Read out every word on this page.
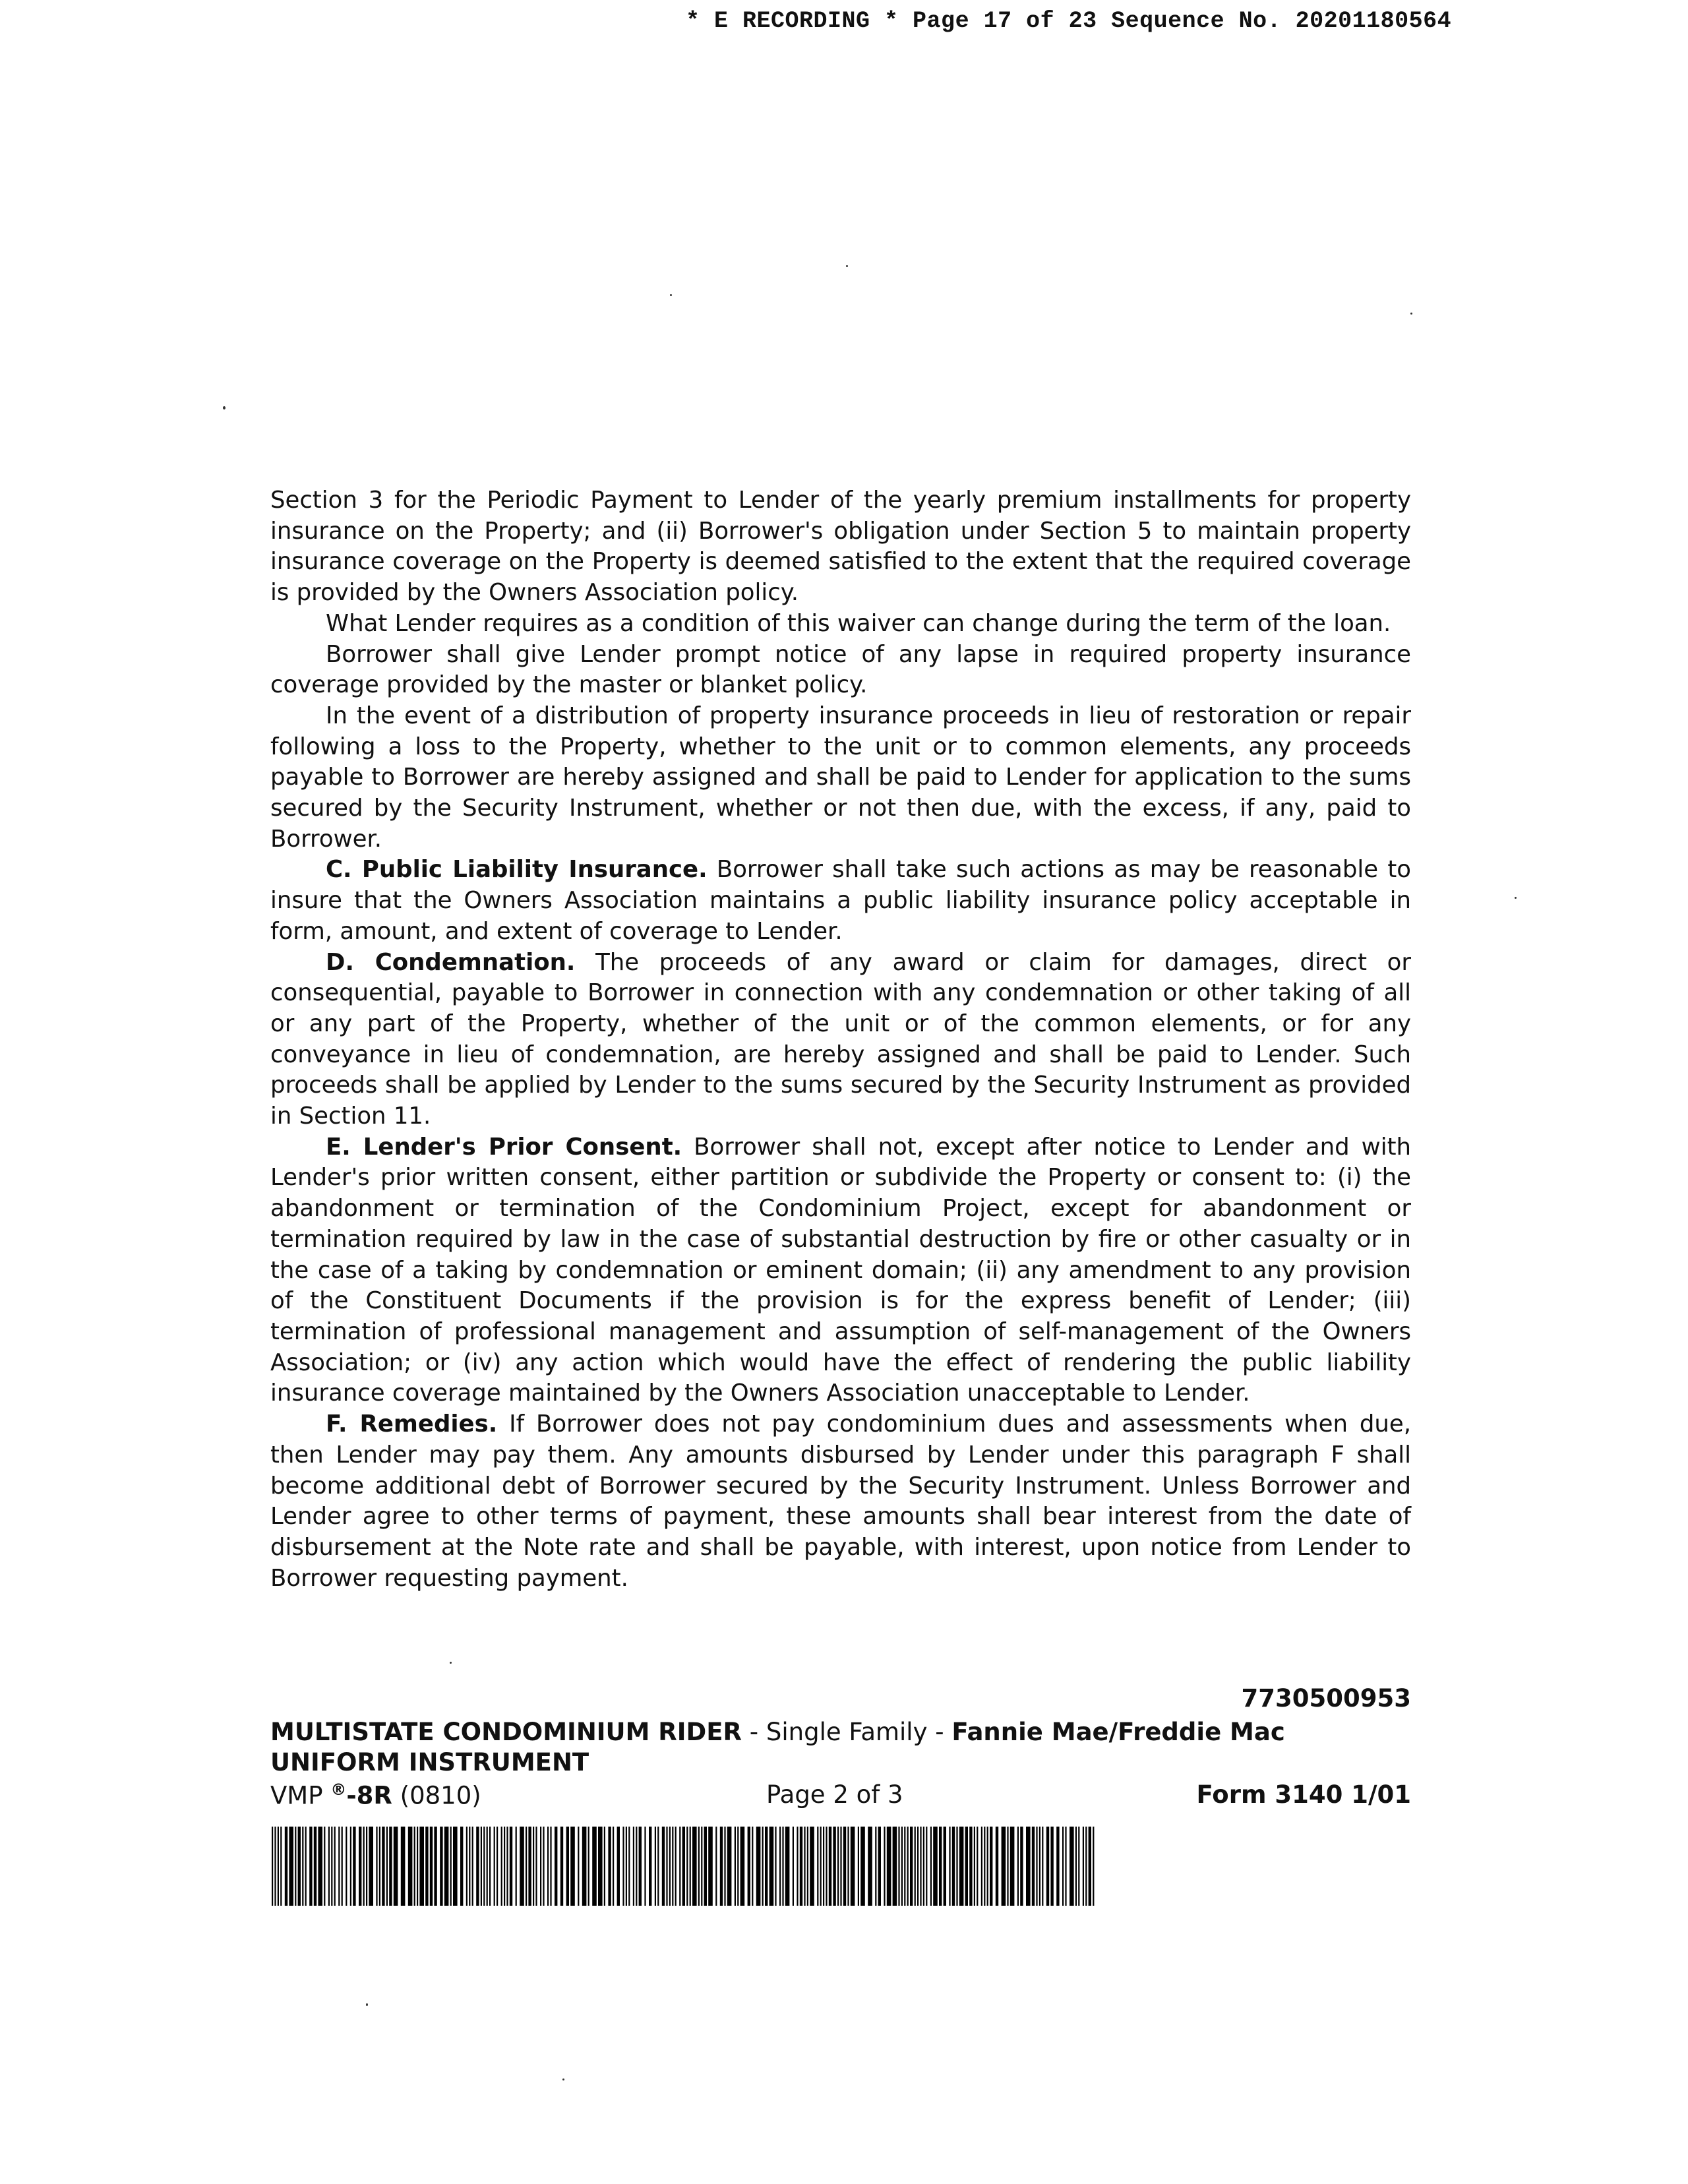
* E RECORDING * Page 17 of 23 Sequence No. 20201180564

Section 3 for the Periodic Payment to Lender of the yearly premium installments for property insurance on the Property; and (ii) Borrower's obligation under Section 5 to maintain property insurance coverage on the Property is deemed satisfied to the extent that the required coverage is provided by the Owners Association policy.

What Lender requires as a condition of this waiver can change during the term of the loan.

Borrower shall give Lender prompt notice of any lapse in required property insurance coverage provided by the master or blanket policy.

In the event of a distribution of property insurance proceeds in lieu of restoration or repair following a loss to the Property, whether to the unit or to common elements, any proceeds payable to Borrower are hereby assigned and shall be paid to Lender for application to the sums secured by the Security Instrument, whether or not then due, with the excess, if any, paid to Borrower.

C. Public Liability Insurance. Borrower shall take such actions as may be reasonable to insure that the Owners Association maintains a public liability insurance policy acceptable in form, amount, and extent of coverage to Lender.

D. Condemnation. The proceeds of any award or claim for damages, direct or consequential, payable to Borrower in connection with any condemnation or other taking of all or any part of the Property, whether of the unit or of the common elements, or for any conveyance in lieu of condemnation, are hereby assigned and shall be paid to Lender. Such proceeds shall be applied by Lender to the sums secured by the Security Instrument as provided in Section 11.

E. Lender's Prior Consent. Borrower shall not, except after notice to Lender and with Lender's prior written consent, either partition or subdivide the Property or consent to: (i) the abandonment or termination of the Condominium Project, except for abandonment or termination required by law in the case of substantial destruction by fire or other casualty or in the case of a taking by condemnation or eminent domain; (ii) any amendment to any provision of the Constituent Documents if the provision is for the express benefit of Lender; (iii) termination of professional management and assumption of self-management of the Owners Association; or (iv) any action which would have the effect of rendering the public liability insurance coverage maintained by the Owners Association unacceptable to Lender.

F. Remedies. If Borrower does not pay condominium dues and assessments when due, then Lender may pay them. Any amounts disbursed by Lender under this paragraph F shall become additional debt of Borrower secured by the Security Instrument. Unless Borrower and Lender agree to other terms of payment, these amounts shall bear interest from the date of disbursement at the Note rate and shall be payable, with interest, upon notice from Lender to Borrower requesting payment.

7730500953
MULTISTATE CONDOMINIUM RIDER - Single Family - Fannie Mae/Freddie Mac UNIFORM INSTRUMENT
VMP ®-8R (0810)	Page 2 of 3	Form 3140 1/01
